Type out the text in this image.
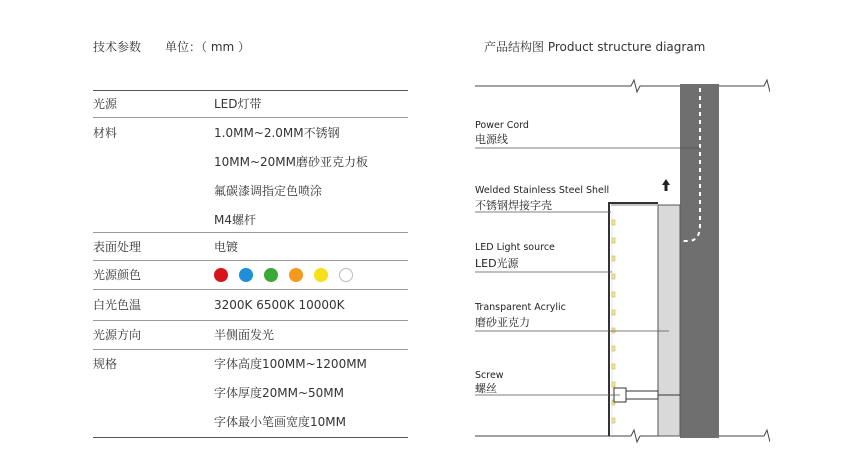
技术参数 单位：（ mm ）	产品结构图 Product structure diagram
光源	LED灯带
材料	1.0MM~2.0MM不锈钢
10MM~20MM磨砂亚克力板
氟碳漆调指定色喷涂
M4螺杆
表面处理	电镀
光源颜色
白光色温	3200K 6500K 10000K
光源方向	半侧面发光
规格	字体高度100MM~1200MM
字体厚度20MM~50MM
字体最小笔画宽度10MM
Power Cord
电源线
Welded Stainless Steel Shell
不锈钢焊接字壳
LED Light source
LED光源
Transparent Acrylic
磨砂亚克力
Screw
螺丝
